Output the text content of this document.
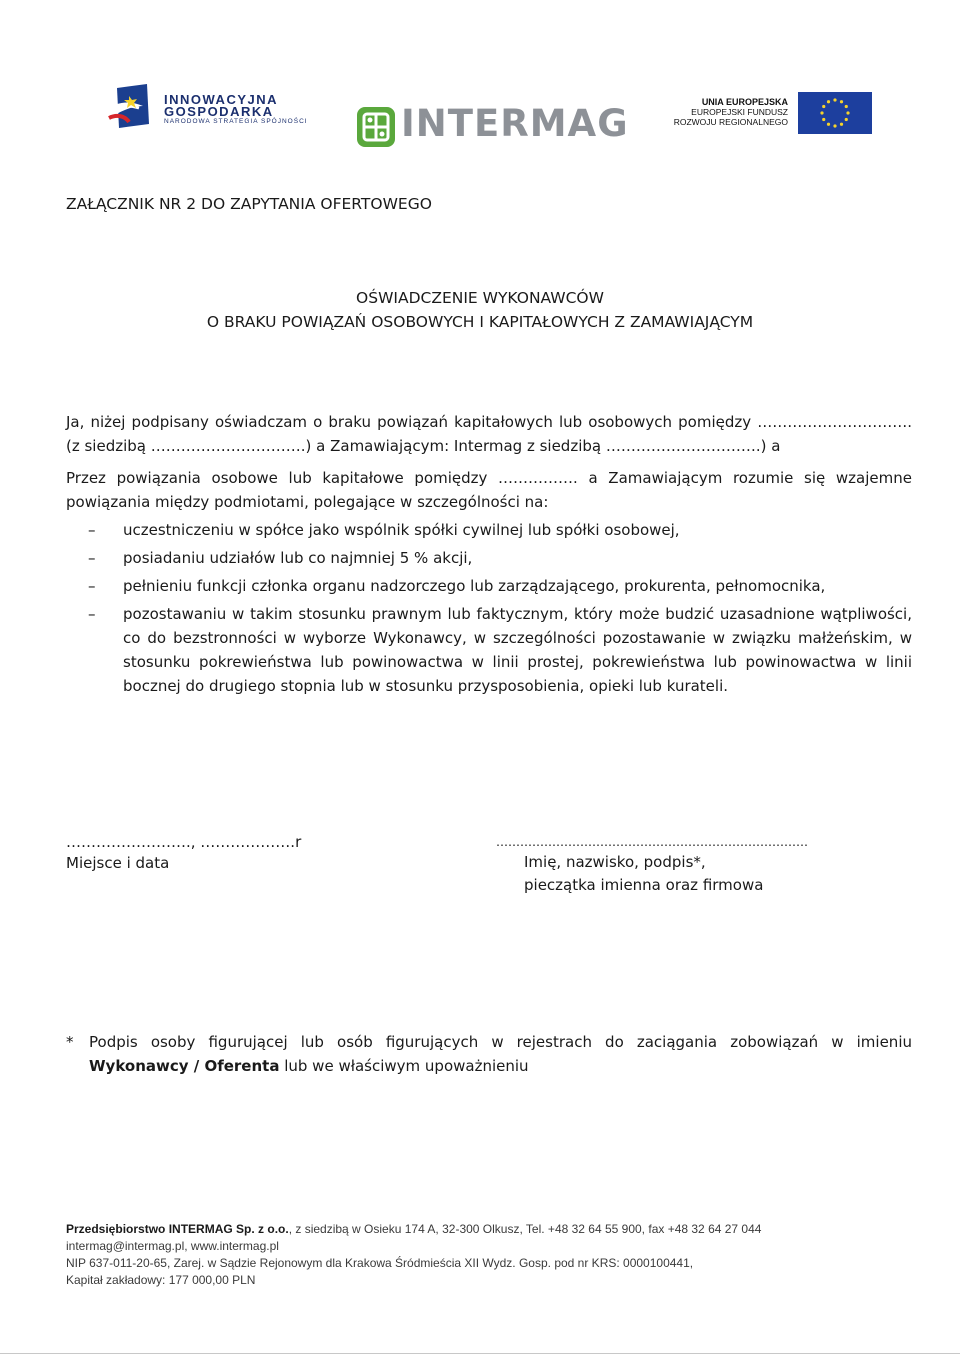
INNOWACYJNA
GOSPODARKA
NARODOWA STRATEGIA SPÓJNOŚCI	INTERMAG	UNIA EUROPEJSKA
EUROPEJSKI FUNDUSZ
ROZWOJU REGIONALNEGO
ZAŁĄCZNIK NR 2 DO ZAPYTANIA OFERTOWEGO
OŚWIADCZENIE WYKONAWCÓW
O BRAKU POWIĄZAŃ OSOBOWYCH I KAPITAŁOWYCH Z ZAMAWIAJĄCYM
Ja, niżej podpisany oświadczam o braku powiązań kapitałowych lub osobowych pomiędzy …………………………. (z siedzibą ………………………….) a Zamawiającym: Intermag z siedzibą ………………………….) a
Przez powiązania osobowe lub kapitałowe pomiędzy ……………. a Zamawiającym rozumie się wzajemne powiązania między podmiotami, polegające w szczególności na:
– uczestniczeniu w spółce jako wspólnik spółki cywilnej lub spółki osobowej,
– posiadaniu udziałów lub co najmniej 5 % akcji,
– pełnieniu funkcji członka organu nadzorczego lub zarządzającego, prokurenta, pełnomocnika,
– pozostawaniu w takim stosunku prawnym lub faktycznym, który może budzić uzasadnione wątpliwości, co do bezstronności w wyborze Wykonawcy, w szczególności pozostawanie w związku małżeńskim, w stosunku pokrewieństwa lub powinowactwa w linii prostej, pokrewieństwa lub powinowactwa w linii bocznej do drugiego stopnia lub w stosunku przysposobienia, opieki lub kurateli.
……………………., ……………….r	……………………………………………………………………
Miejsce i data	Imię, nazwisko, podpis*,
pieczątka imienna oraz firmowa
* Podpis osoby figurującej lub osób figurujących w rejestrach do zaciągania zobowiązań w imieniu Wykonawcy / Oferenta lub we właściwym upoważnieniu
Przedsiębiorstwo INTERMAG Sp. z o.o., z siedzibą w Osieku 174 A, 32-300 Olkusz, Tel. +48 32 64 55 900, fax +48 32 64 27 044
intermag@intermag.pl, www.intermag.pl
NIP 637-011-20-65, Zarej. w Sądzie Rejonowym dla Krakowa Śródmieścia XII Wydz. Gosp. pod nr KRS: 0000100441,
Kapitał zakładowy: 177 000,00 PLN
